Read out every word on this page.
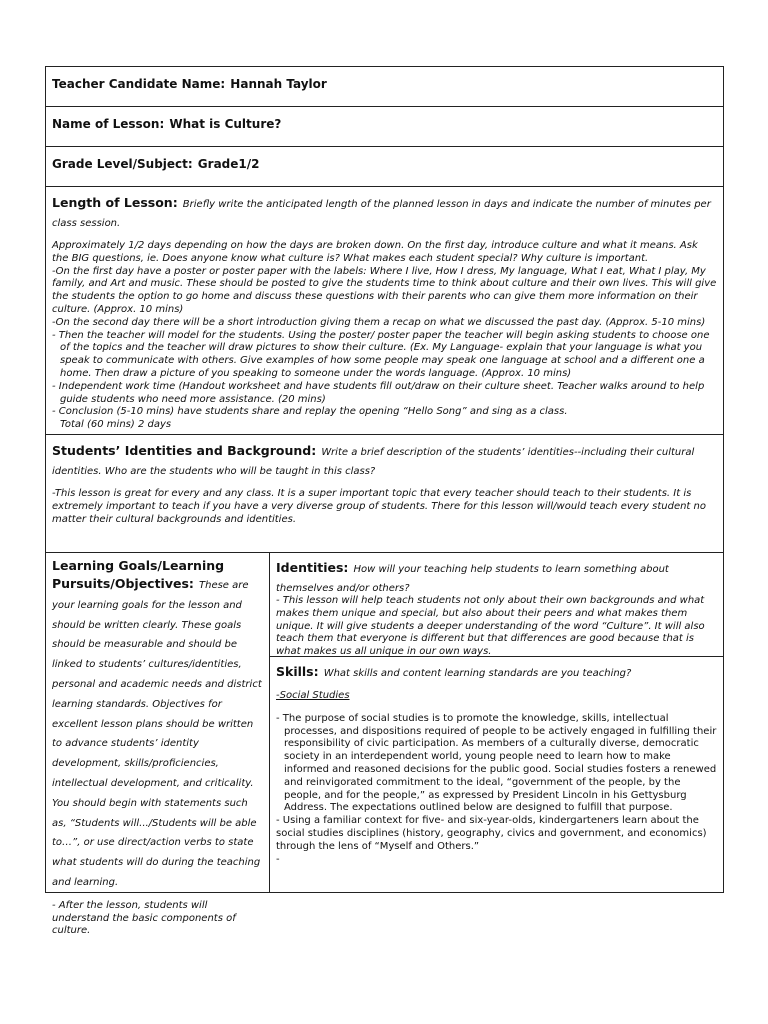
Teacher Candidate Name: Hannah Taylor
Name of Lesson: What is Culture?
Grade Level/Subject: Grade1/2
Length of Lesson: Briefly write the anticipated length of the planned lesson in days and indicate the number of minutes per class session.
Approximately 1/2 days depending on how the days are broken down. On the first day, introduce culture and what it means. Ask the BIG questions, ie. Does anyone know what culture is? What makes each student special? Why culture is important.
-On the first day have a poster or poster paper with the labels: Where I live, How I dress, My language, What I eat, What I play, My family, and Art and music. These should be posted to give the students time to think about culture and their own lives. This will give the students the option to go home and discuss these questions with their parents who can give them more information on their culture. (Approx. 10 mins)
-On the second day there will be a short introduction giving them a recap on what we discussed the past day. (Approx. 5-10 mins)
- Then the teacher will model for the students. Using the poster/ poster paper the teacher will begin asking students to choose one of the topics and the teacher will draw pictures to show their culture. (Ex. My Language- explain that your language is what you speak to communicate with others. Give examples of how some people may speak one language at school and a different one a home. Then draw a picture of you speaking to someone under the words language. (Approx. 10 mins)
- Independent work time (Handout worksheet and have students fill out/draw on their culture sheet. Teacher walks around to help guide students who need more assistance. (20 mins)
- Conclusion (5-10 mins) have students share and replay the opening “Hello Song” and sing as a class.
Total (60 mins) 2 days
Students’ Identities and Background: Write a brief description of the students’ identities--including their cultural identities. Who are the students who will be taught in this class?
-This lesson is great for every and any class. It is a super important topic that every teacher should teach to their students. It is extremely important to teach if you have a very diverse group of students. There for this lesson will/would teach every student no matter their cultural backgrounds and identities.
Learning Goals/Learning
Pursuits/Objectives: These are your learning goals for the lesson and should be written clearly. These goals should be measurable and should be linked to students’ cultures/identities, personal and academic needs and district learning standards. Objectives for excellent lesson plans should be written to advance students’ identity development, skills/proficiencies, intellectual development, and criticality. You should begin with statements such as, “Students will.../Students will be able to…”, or use direct/action verbs to state what students will do during the teaching and learning.
- After the lesson, students will understand the basic components of culture.
Identities: How will your teaching help students to learn something about themselves and/or others?
- This lesson will help teach students not only about their own backgrounds and what makes them unique and special, but also about their peers and what makes them unique. It will give students a deeper understanding of the word “Culture”. It will also teach them that everyone is different but that differences are good because that is what makes us all unique in our own ways.
Skills: What skills and content learning standards are you teaching?
-Social Studies
- The purpose of social studies is to promote the knowledge, skills, intellectual processes, and dispositions required of people to be actively engaged in fulfilling their responsibility of civic participation. As members of a culturally diverse, democratic society in an interdependent world, young people need to learn how to make informed and reasoned decisions for the public good. Social studies fosters a renewed and reinvigorated commitment to the ideal, “government of the people, by the people, and for the people,” as expressed by President Lincoln in his Gettysburg Address. The expectations outlined below are designed to fulfill that purpose.
- Using a familiar context for five- and six-year-olds, kindergarteners learn about the social studies disciplines (history, geography, civics and government, and economics) through the lens of “Myself and Others.”
-
